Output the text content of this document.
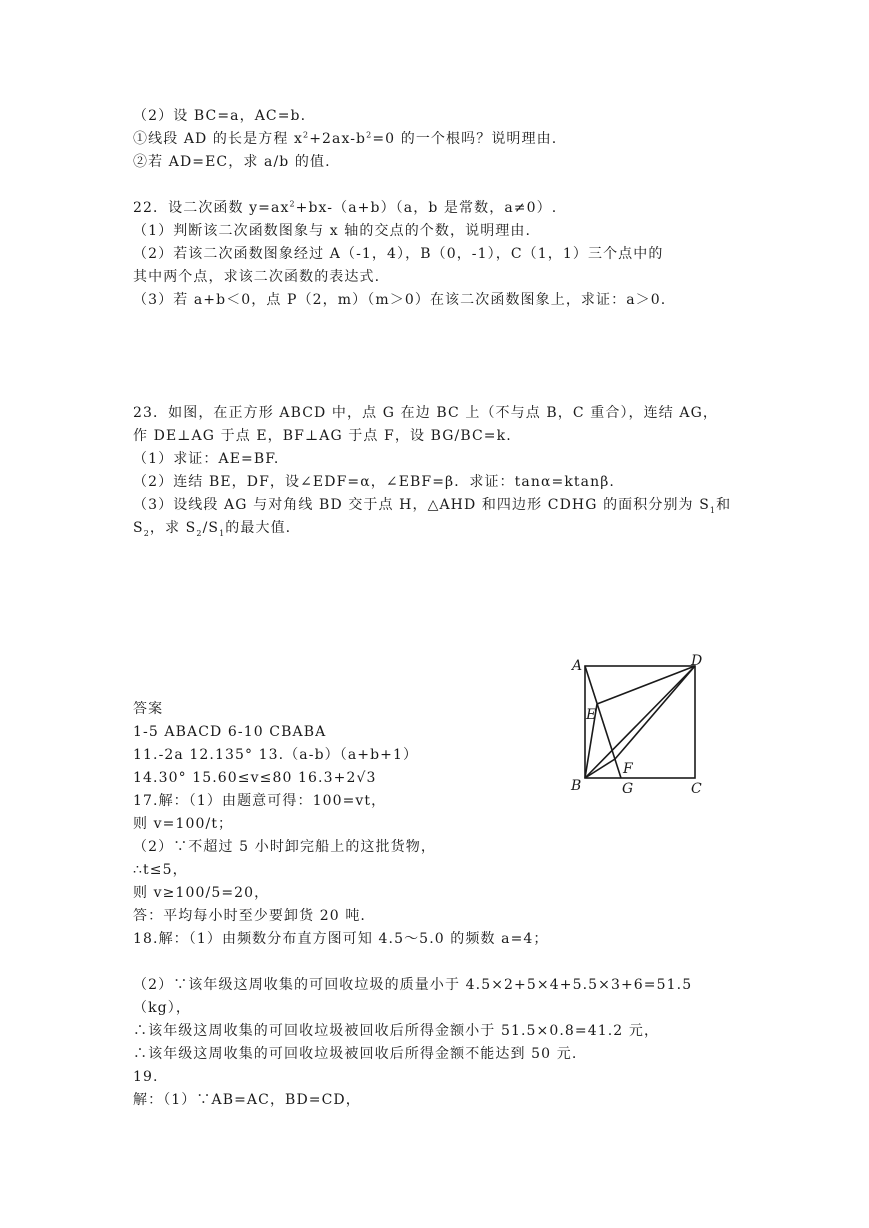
（2）设 BC=a，AC=b.
①线段 AD 的长是方程 $x^2+2ax-b^2=0$ 的一个根吗？说明理由.
②若 AD=EC，求 a/b 的值.
22．设二次函数 $y=ax^2+bx-(a+b)(a$，b 是常数，a≠0）.
（1）判断该二次函数图象与 x 轴的交点的个数，说明理由.
（2）若该二次函数图象经过 A（-1，4），B（0，-1），C（1，1）三个点中的
其中两个点，求该二次函数的表达式.
（3）若 a+b＜0，点 P（2，m）（m＞0）在该二次函数图象上，求证：a＞0.
23．如图，在正方形 ABCD 中，点 G 在边 BC 上（不与点 B，C 重合），连结 AG，
作 DE⊥AG 于点 E，BF⊥AG 于点 F，设 BG/BC=k.
（1）求证：AE=BF.
（2）连结 BE，DF，设∠EDF=α，∠EBF=β．求证：tanα=ktanβ.
（3）设线段 AG 与对角线 BD 交于点 H，△AHD 和四边形 CDHG 的面积分别为 $S_1$和
$S_2$，求 $S_2/S_1$的最大值.
A	D
E
B
F
G	C
答案
1-5 ABACD 6-10 CBABA
11.-2a 12.135° 13.（a-b）（a+b+1）
14.30° 15.60≤v≤80 16.3+2√3
17.解：（1）由题意可得：100=vt，
则 v=100/t；
（2）∵不超过 5 小时卸完船上的这批货物，
∴t≤5，
则 v≥100/5=20，
答：平均每小时至少要卸货 20 吨.
18.解：（1）由频数分布直方图可知 4.5～5.0 的频数 a=4；
（2）∵该年级这周收集的可回收垃圾的质量小于 4.5×2+5×4+5.5×3+6=51.5
（kg），
∴该年级这周收集的可回收垃圾被回收后所得金额小于 51.5×0.8=41.2 元，
∴该年级这周收集的可回收垃圾被回收后所得金额不能达到 50 元.
19.
解：（1）∵AB=AC，BD=CD，
